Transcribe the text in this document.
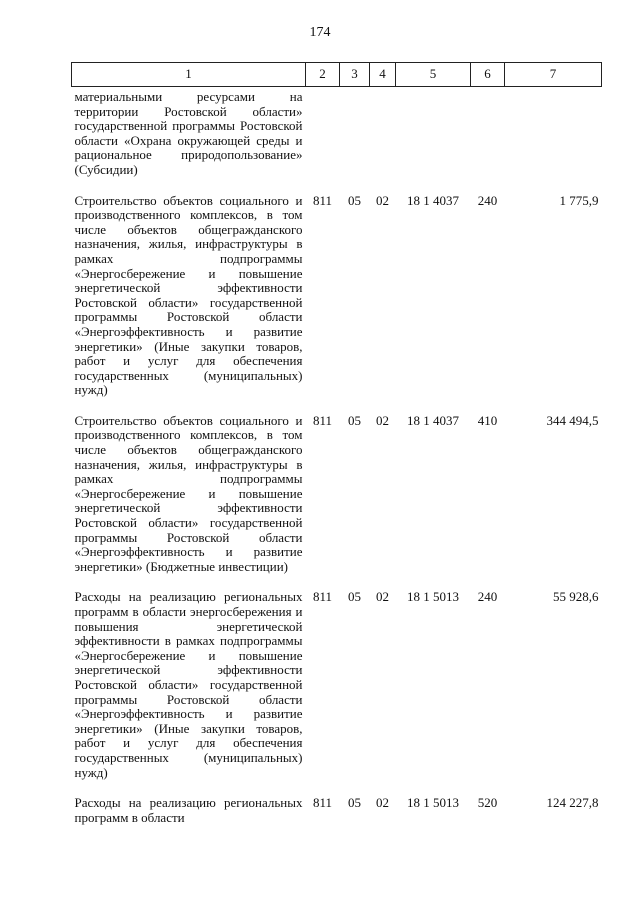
174
1	2	3	4	5	6	7
материальными ресурсами на территории Ростовской области» государственной программы Ростовской области «Охрана окружающей среды и рациональное природопользование» (Субсидии)						
Строительство объектов социального и производственного комплексов, в том числе объектов общегражданского назначения, жилья, инфраструктуры в рамках подпрограммы «Энергосбережение и повышение энергетической эффективности Ростовской области» государственной программы Ростовской области «Энергоэффективность и развитие энергетики» (Иные закупки товаров, работ и услуг для обеспечения государственных (муниципальных) нужд)	811	05	02	18 1 4037	240	1 775,9
Строительство объектов социального и производственного комплексов, в том числе объектов общегражданского назначения, жилья, инфраструктуры в рамках подпрограммы «Энергосбережение и повышение энергетической эффективности Ростовской области» государственной программы Ростовской области «Энергоэффективность и развитие энергетики» (Бюджетные инвестиции)	811	05	02	18 1 4037	410	344 494,5
Расходы на реализацию региональных программ в области энергосбережения и повышения энергетической эффективности в рамках подпрограммы «Энергосбережение и повышение энергетической эффективности Ростовской области» государственной программы Ростовской области «Энергоэффективность и развитие энергетики» (Иные закупки товаров, работ и услуг для обеспечения государственных (муниципальных) нужд)	811	05	02	18 1 5013	240	55 928,6
Расходы на реализацию региональных программ в области	811	05	02	18 1 5013	520	124 227,8
